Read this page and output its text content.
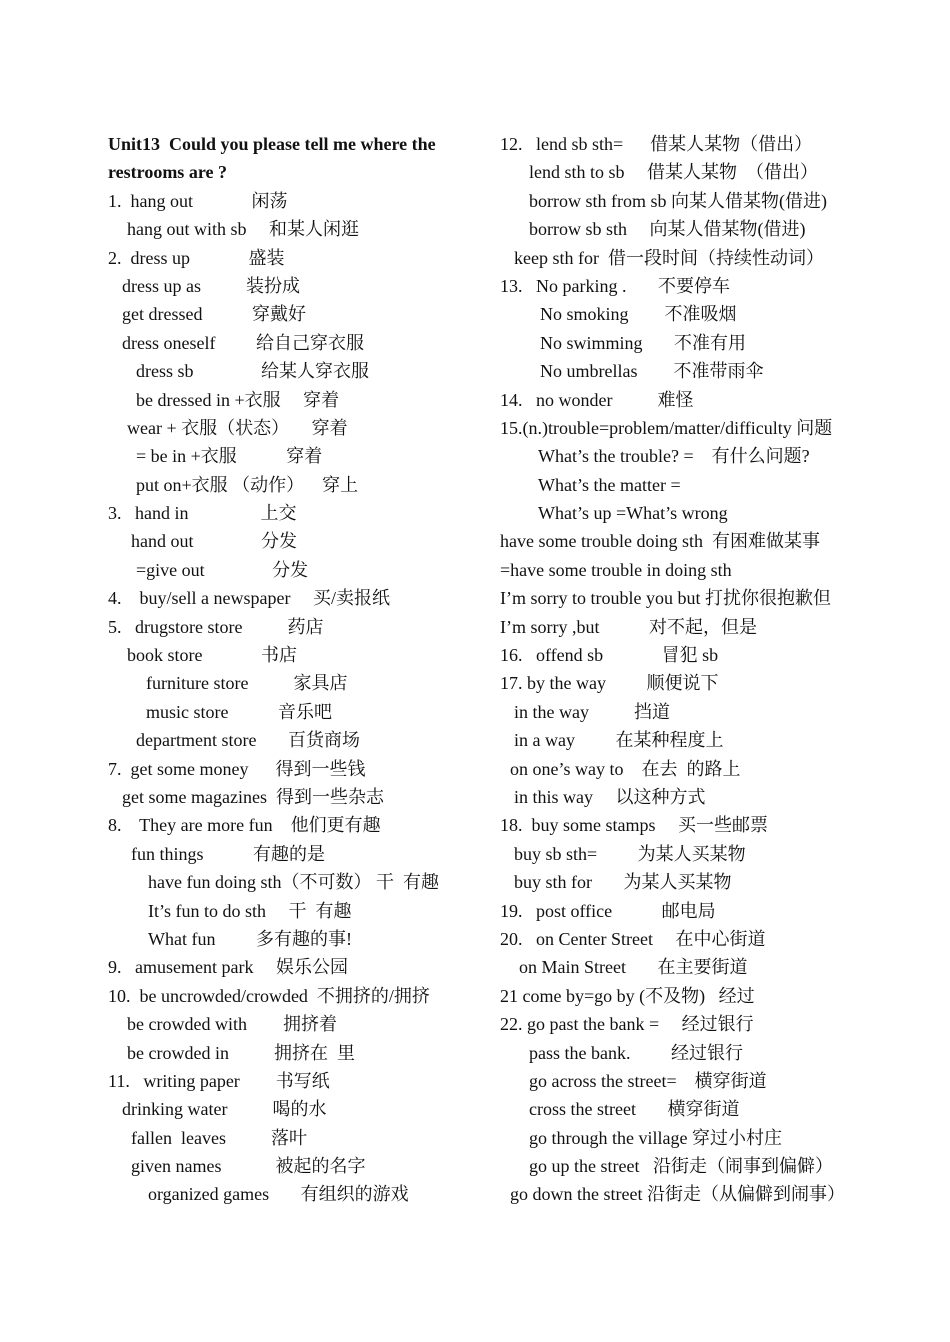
Unit13  Could you please tell me where the
restrooms are ?
1.  hang out             闲荡
hang out with sb     和某人闲逛
2.  dress up             盛装
dress up as          装扮成
get dressed           穿戴好
dress oneself         给自己穿衣服
dress sb               给某人穿衣服
be dressed in +衣服     穿着
wear + 衣服（状态）     穿着
= be in +衣服           穿着
put on+衣服 （动作）    穿上
3.   hand in                上交
hand out               分发
=give out               分发
4.    buy/sell a newspaper     买/卖报纸
5.   drugstore store          药店
book store             书店
furniture store          家具店
music store           音乐吧
department store       百货商场
7.  get some money      得到一些钱
get some magazines  得到一些杂志
8.    They are more fun    他们更有趣
fun things           有趣的是
have fun doing sth（不可数） 干  有趣
It’s fun to do sth     干  有趣
What fun         多有趣的事!
9.   amusement park     娱乐公园
10.  be uncrowded/crowded  不拥挤的/拥挤
be crowded with        拥挤着
be crowded in          拥挤在  里
11.   writing paper        书写纸
drinking water          喝的水
fallen  leaves          落叶
given names            被起的名字
organized games       有组织的游戏
12.   lend sb sth=      借某人某物（借出）
lend sth to sb     借某人某物  （借出）
borrow sth from sb 向某人借某物(借进)
borrow sb sth     向某人借某物(借进)
keep sth for  借一段时间（持续性动词）
13.   No parking .       不要停车
No smoking        不准吸烟
No swimming       不准有用
No umbrellas        不准带雨伞
14.   no wonder          难怪
15.(n.)trouble=problem/matter/difficulty 问题
What’s the trouble? =    有什么问题?
What’s the matter =
What’s up =What’s wrong
have some trouble doing sth  有困难做某事
=have some trouble in doing sth
I’m sorry to trouble you but 打扰你很抱歉但
I’m sorry ,but           对不起，但是
16.   offend sb             冒犯 sb
17. by the way         顺便说下
in the way          挡道
in a way         在某种程度上
on one’s way to    在去  的路上
in this way     以这种方式
18.  buy some stamps     买一些邮票
buy sb sth=         为某人买某物
buy sth for       为某人买某物
19.   post office           邮电局
20.   on Center Street     在中心街道
on Main Street       在主要街道
21 come by=go by (不及物)   经过
22. go past the bank =     经过银行
pass the bank.         经过银行
go across the street=    横穿街道
cross the street       横穿街道
go through the village 穿过小村庄
go up the street   沿街走（闹事到偏僻）
go down the street 沿街走（从偏僻到闹事）
